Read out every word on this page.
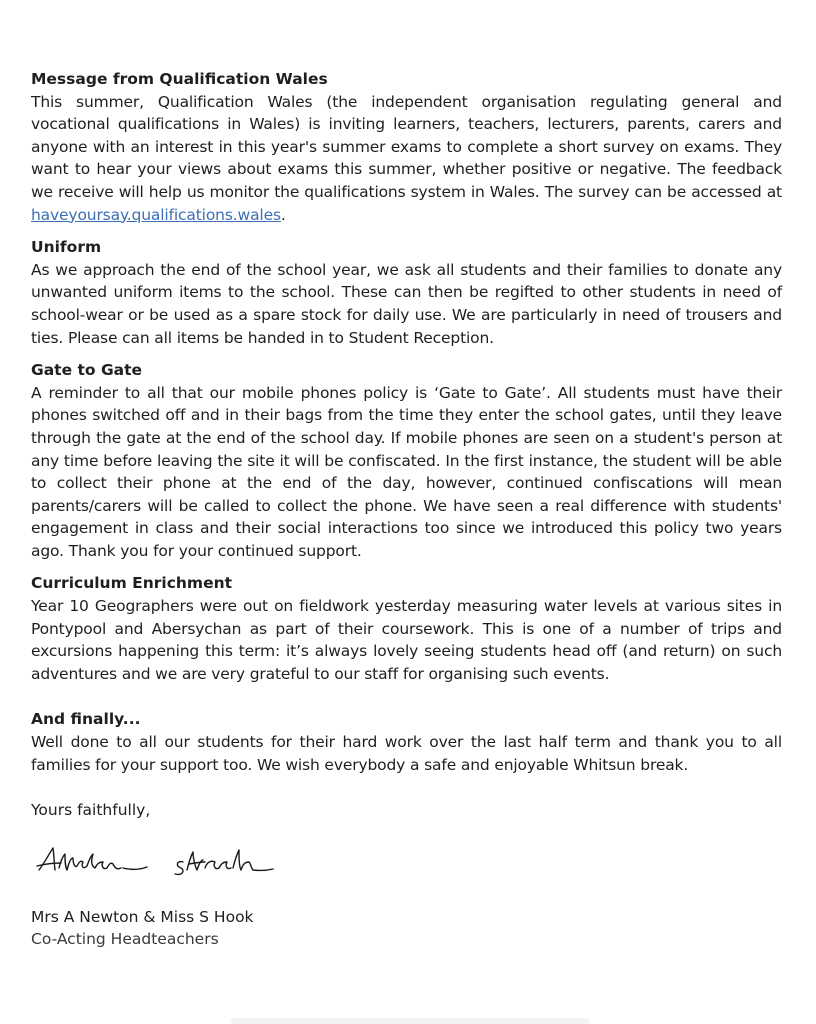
Message from Qualification Wales

This summer, Qualification Wales (the independent organisation regulating general and vocational qualifications in Wales) is inviting learners, teachers, lecturers, parents, carers and anyone with an interest in this year's summer exams to complete a short survey on exams. They want to hear your views about exams this summer, whether positive or negative. The feedback we receive will help us monitor the qualifications system in Wales. The survey can be accessed at haveyoursay.qualifications.wales.

Uniform

As we approach the end of the school year, we ask all students and their families to donate any unwanted uniform items to the school. These can then be regifted to other students in need of school-wear or be used as a spare stock for daily use. We are particularly in need of trousers and ties. Please can all items be handed in to Student Reception.

Gate to Gate

A reminder to all that our mobile phones policy is ‘Gate to Gate’. All students must have their phones switched off and in their bags from the time they enter the school gates, until they leave through the gate at the end of the school day. If mobile phones are seen on a student's person at any time before leaving the site it will be confiscated. In the first instance, the student will be able to collect their phone at the end of the day, however, continued confiscations will mean parents/carers will be called to collect the phone. We have seen a real difference with students' engagement in class and their social interactions too since we introduced this policy two years ago. Thank you for your continued support.

Curriculum Enrichment

Year 10 Geographers were out on fieldwork yesterday measuring water levels at various sites in Pontypool and Abersychan as part of their coursework. This is one of a number of trips and excursions happening this term: it’s always lovely seeing students head off (and return) on such adventures and we are very grateful to our staff for organising such events.

And finally...

Well done to all our students for their hard work over the last half term and thank you to all families for your support too. We wish everybody a safe and enjoyable Whitsun break.

Yours faithfully,

Mrs A Newton & Miss S Hook

Co-Acting Headteachers
